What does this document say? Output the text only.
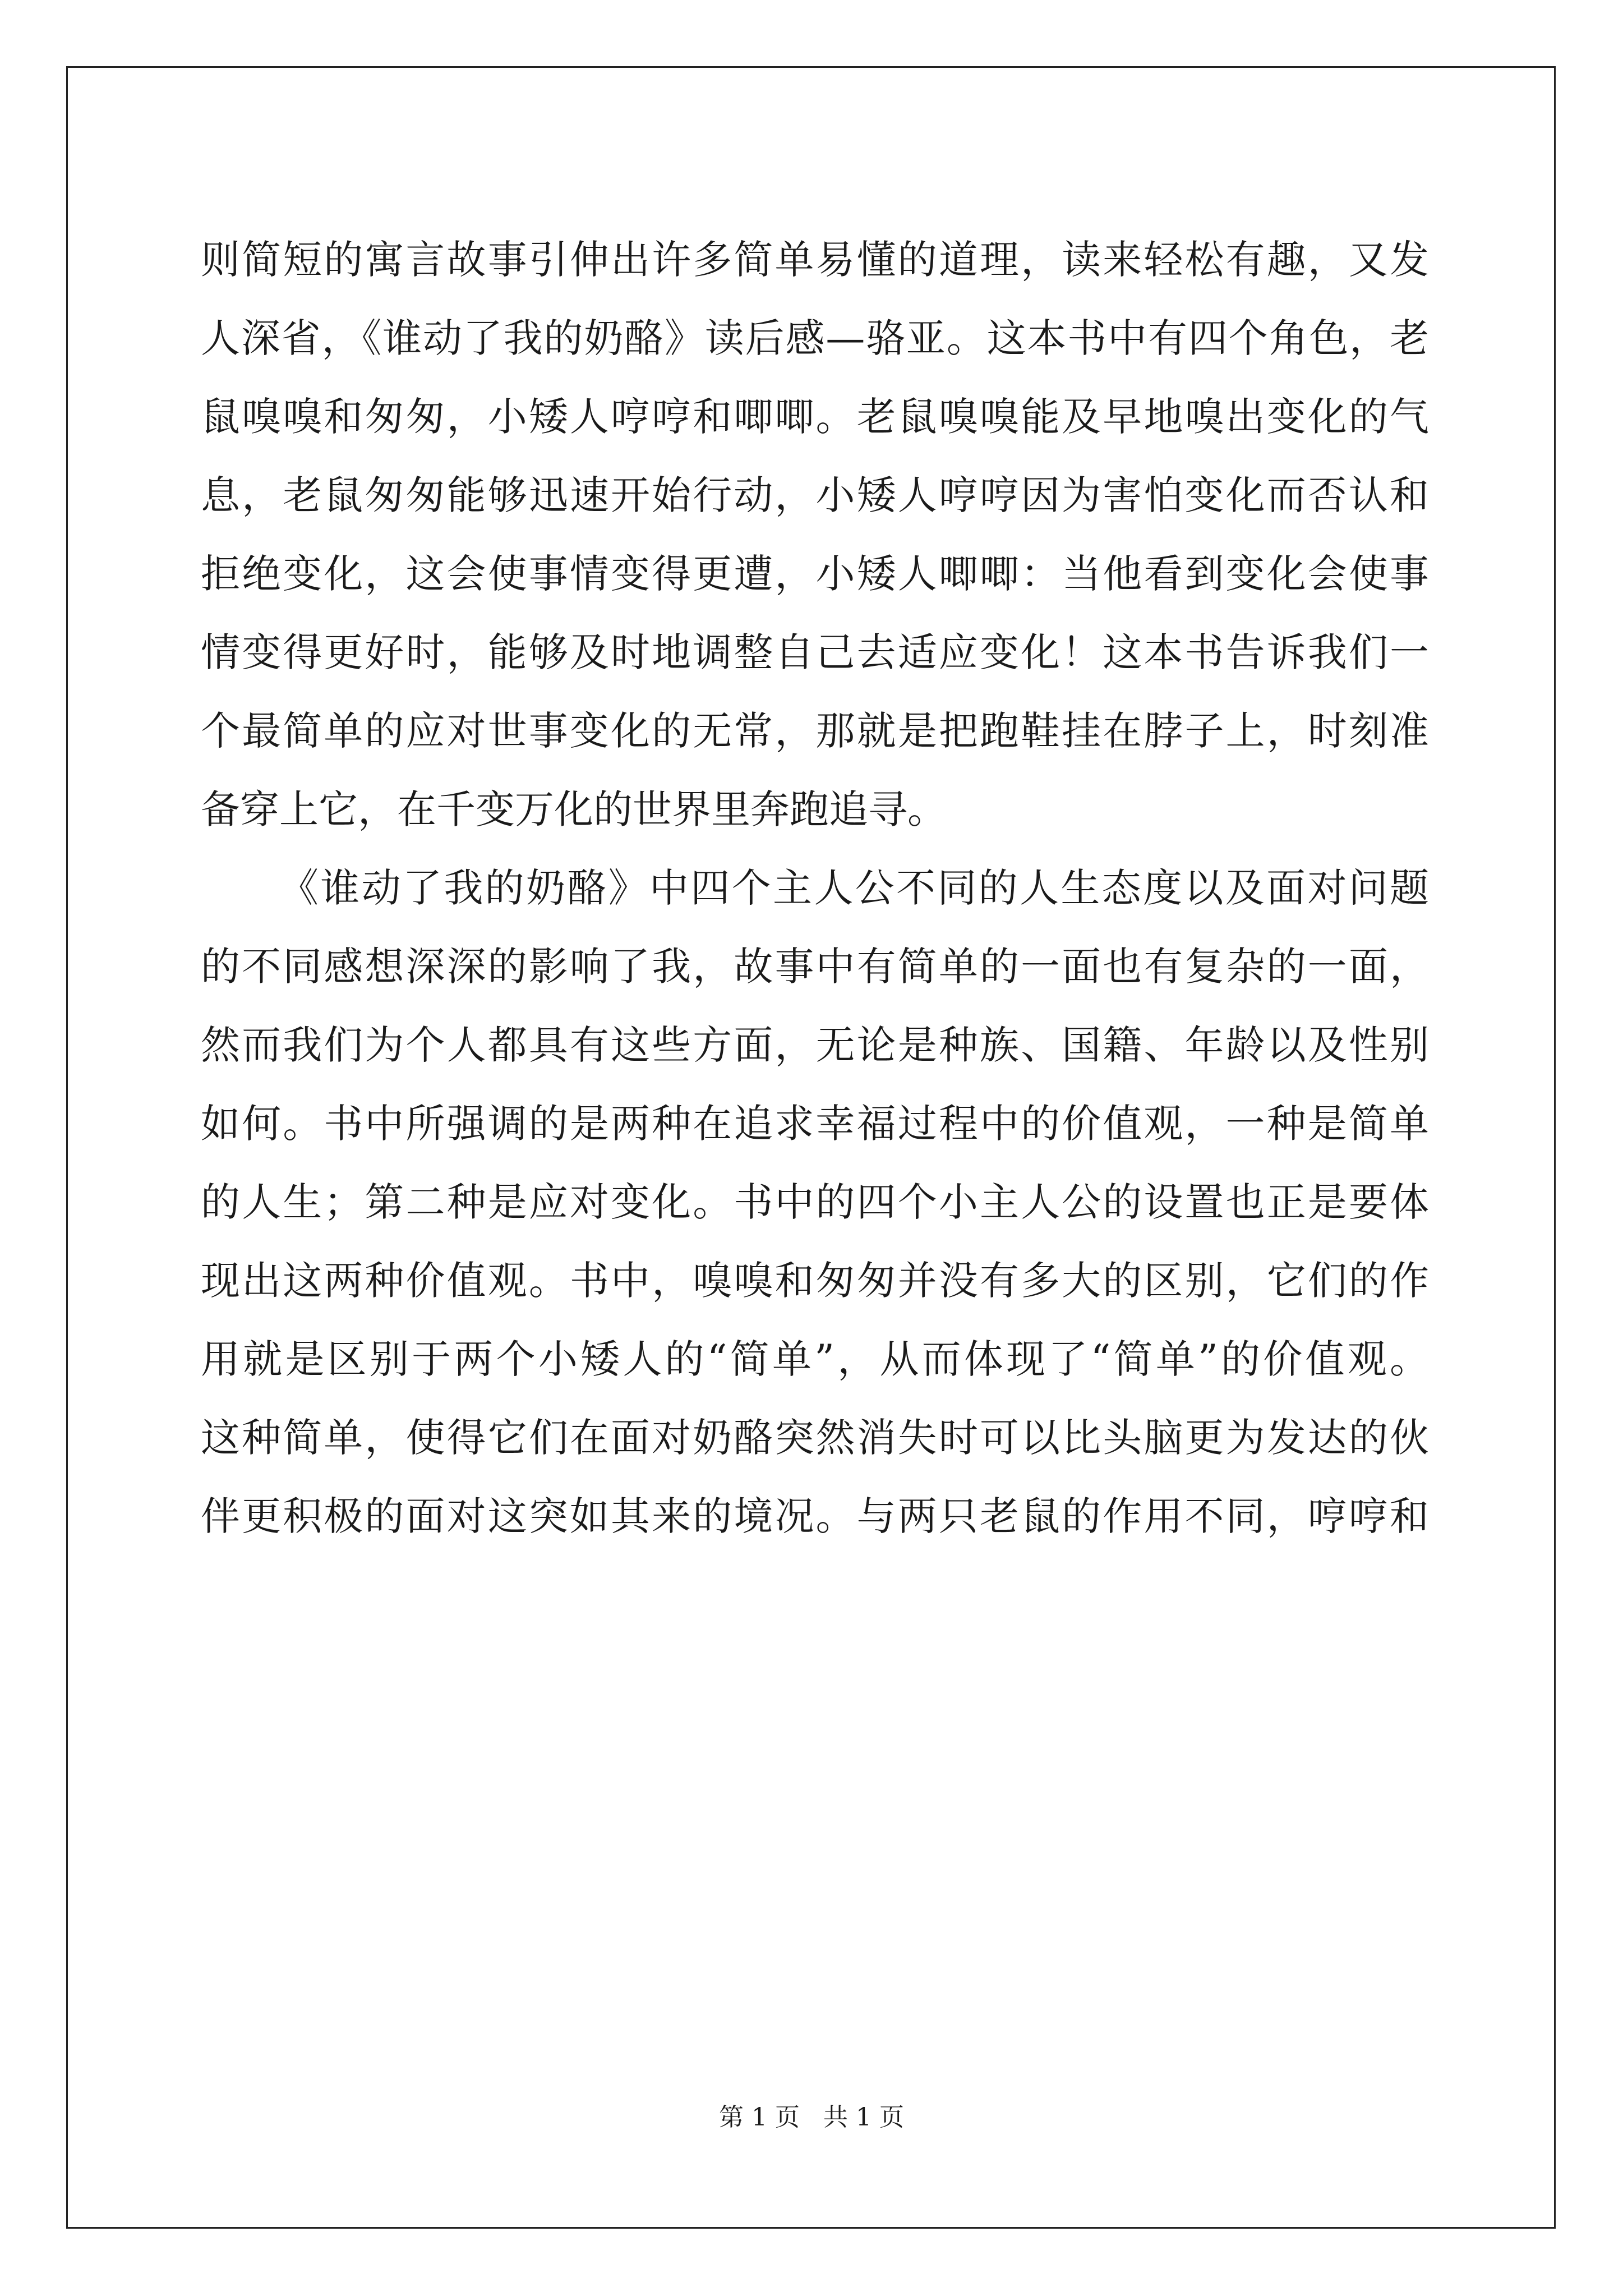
则简短的寓言故事引伸出许多简单易懂的道理，读来轻松有趣，又发
人深省，《谁动了我的奶酪》读后感—骆亚。这本书中有四个角色，老
鼠嗅嗅和匆匆，小矮人哼哼和唧唧。老鼠嗅嗅能及早地嗅出变化的气
息，老鼠匆匆能够迅速开始行动，小矮人哼哼因为害怕变化而否认和
拒绝变化，这会使事情变得更遭，小矮人唧唧：当他看到变化会使事
情变得更好时，能够及时地调整自己去适应变化！这本书告诉我们一
个最简单的应对世事变化的无常，那就是把跑鞋挂在脖子上，时刻准
备穿上它，在千变万化的世界里奔跑追寻。
《谁动了我的奶酪》中四个主人公不同的人生态度以及面对问题
的不同感想深深的影响了我，故事中有简单的一面也有复杂的一面，
然而我们为个人都具有这些方面，无论是种族、国籍、年龄以及性别
如何。书中所强调的是两种在追求幸福过程中的价值观，一种是简单
的人生；第二种是应对变化。书中的四个小主人公的设置也正是要体
现出这两种价值观。书中，嗅嗅和匆匆并没有多大的区别，它们的作
用就是区别于两个小矮人的“简单”，从而体现了“简单”的价值观。
这种简单，使得它们在面对奶酪突然消失时可以比头脑更为发达的伙
伴更积极的面对这突如其来的境况。与两只老鼠的作用不同，哼哼和
第 1 页 共 1 页
